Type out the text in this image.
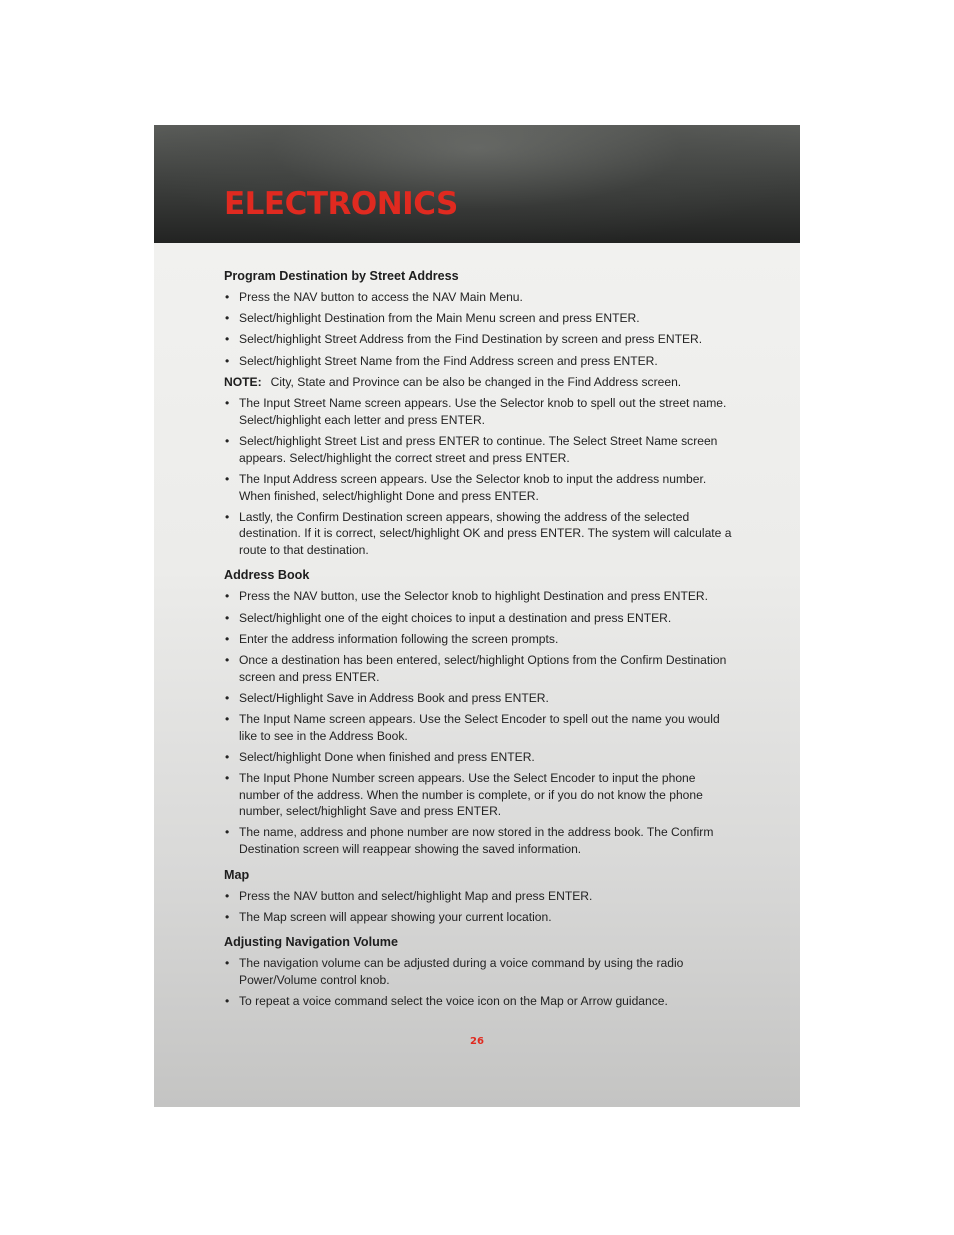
ELECTRONICS
Program Destination by Street Address
• Press the NAV button to access the NAV Main Menu.
• Select/highlight Destination from the Main Menu screen and press ENTER.
• Select/highlight Street Address from the Find Destination by screen and press ENTER.
• Select/highlight Street Name from the Find Address screen and press ENTER.

NOTE: City, State and Province can be also be changed in the Find Address screen.

• The Input Street Name screen appears. Use the Selector knob to spell out the street name. Select/highlight each letter and press ENTER.
• Select/highlight Street List and press ENTER to continue. The Select Street Name screen appears. Select/highlight the correct street and press ENTER.
• The Input Address screen appears. Use the Selector knob to input the address number. When finished, select/highlight Done and press ENTER.
• Lastly, the Confirm Destination screen appears, showing the address of the selected destination. If it is correct, select/highlight OK and press ENTER. The system will calculate a route to that destination.
Address Book
• Press the NAV button, use the Selector knob to highlight Destination and press ENTER.
• Select/highlight one of the eight choices to input a destination and press ENTER.
• Enter the address information following the screen prompts.
• Once a destination has been entered, select/highlight Options from the Confirm Destination screen and press ENTER.
• Select/Highlight Save in Address Book and press ENTER.
• The Input Name screen appears. Use the Select Encoder to spell out the name you would like to see in the Address Book.
• Select/highlight Done when finished and press ENTER.
• The Input Phone Number screen appears. Use the Select Encoder to input the phone number of the address. When the number is complete, or if you do not know the phone number, select/highlight Save and press ENTER.
• The name, address and phone number are now stored in the address book. The Confirm Destination screen will reappear showing the saved information.
Map
• Press the NAV button and select/highlight Map and press ENTER.
• The Map screen will appear showing your current location.
Adjusting Navigation Volume
• The navigation volume can be adjusted during a voice command by using the radio Power/Volume control knob.
• To repeat a voice command select the voice icon on the Map or Arrow guidance.
26
